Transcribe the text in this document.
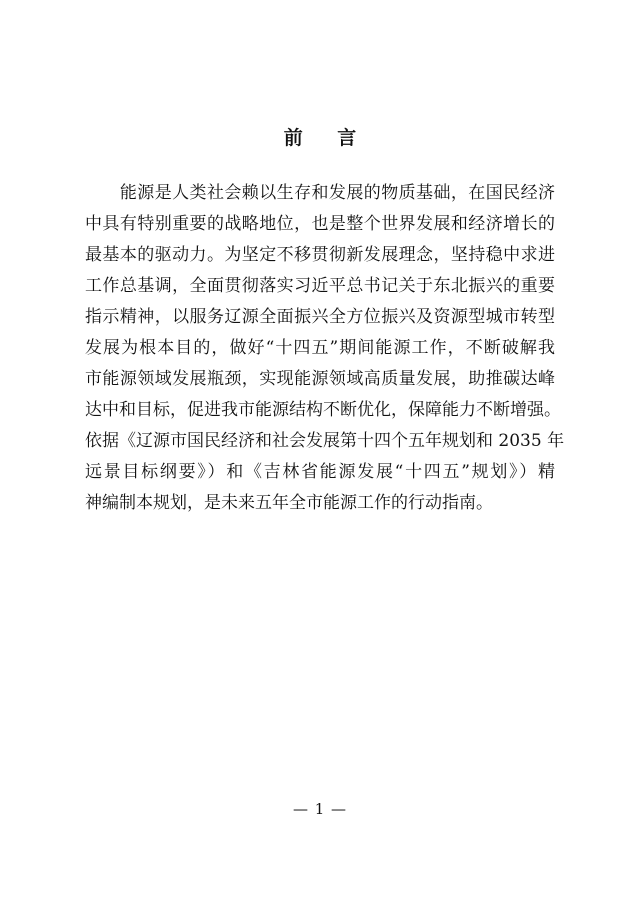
前 言
　　能源是人类社会赖以生存和发展的物质基础，在国民经济
中具有特别重要的战略地位，也是整个世界发展和经济增长的
最基本的驱动力。为坚定不移贯彻新发展理念，坚持稳中求进
工作总基调，全面贯彻落实习近平总书记关于东北振兴的重要
指示精神，以服务辽源全面振兴全方位振兴及资源型城市转型
发展为根本目的，做好“十四五”期间能源工作，不断破解我
市能源领域发展瓶颈，实现能源领域高质量发展，助推碳达峰
达中和目标，促进我市能源结构不断优化，保障能力不断增强。
依据《辽源市国民经济和社会发展第十四个五年规划和 2035 年
远景目标纲要》）和《吉林省能源发展“十四五”规划》）精
神编制本规划，是未来五年全市能源工作的行动指南。
— 1 —
